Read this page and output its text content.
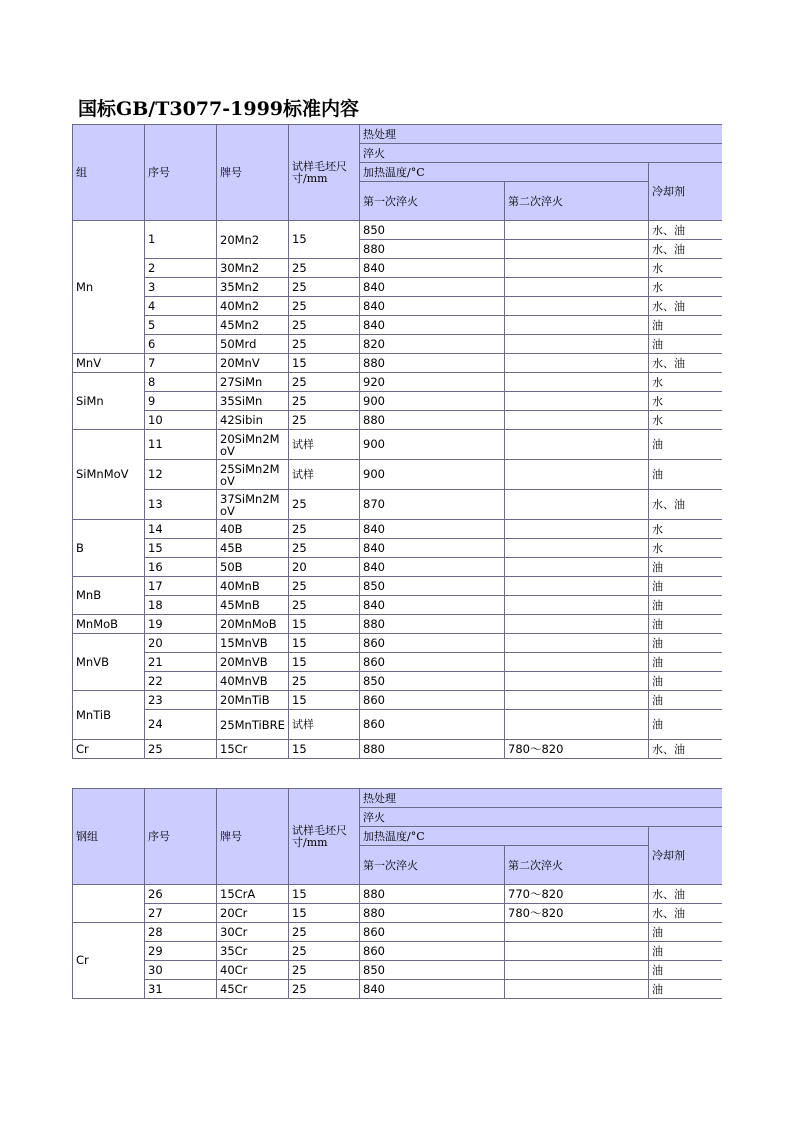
国标GB/T3077-1999标准内容
组	序号	牌号	试样毛坯尺寸/mm	热处理		
				淬火		
				加热温度/°C		冷却剂
				第一次淬火	第二次淬火	
Mn	1	20Mn2	15	850		水、油
				880		水、油
	2	30Mn2	25	840		水
	3	35Mn2	25	840		水
	4	40Mn2	25	840		水、油
	5	45Mn2	25	840		油
	6	50Mrd	25	820		油
MnV	7	20MnV	15	880		水、油
SiMn	8	27SiMn	25	920		水
	9	35SiMn	25	900		水
	10	42Sibin	25	880		水
SiMnMoV	11	20SiMn2MoV	试样	900		油
	12	25SiMn2MoV	试样	900		油
	13	37SiMn2MoV	25	870		水、油
B	14	40B	25	840		水
	15	45B	25	840		水
	16	50B	20	840		油
MnB	17	40MnB	25	850		油
	18	45MnB	25	840		油
MnMoB	19	20MnMoB	15	880		油
MnVB	20	15MnVB	15	860		油
	21	20MnVB	15	860		油
	22	40MnVB	25	850		油
MnTiB	23	20MnTiB	15	860		油
	24	25MnTiBRE	试样	860		油
Cr	25	15Cr	15	880	780～820	水、油
钢组	序号	牌号	试样毛坯尺寸/mm	热处理		
				淬火		
				加热温度/°C		冷却剂
				第一次淬火	第二次淬火	
	26	15CrA	15	880	770～820	水、油
	27	20Cr	15	880	780～820	水、油
Cr	28	30Cr	25	860		油
	29	35Cr	25	860		油
	30	40Cr	25	850		油
	31	45Cr	25	840		油
